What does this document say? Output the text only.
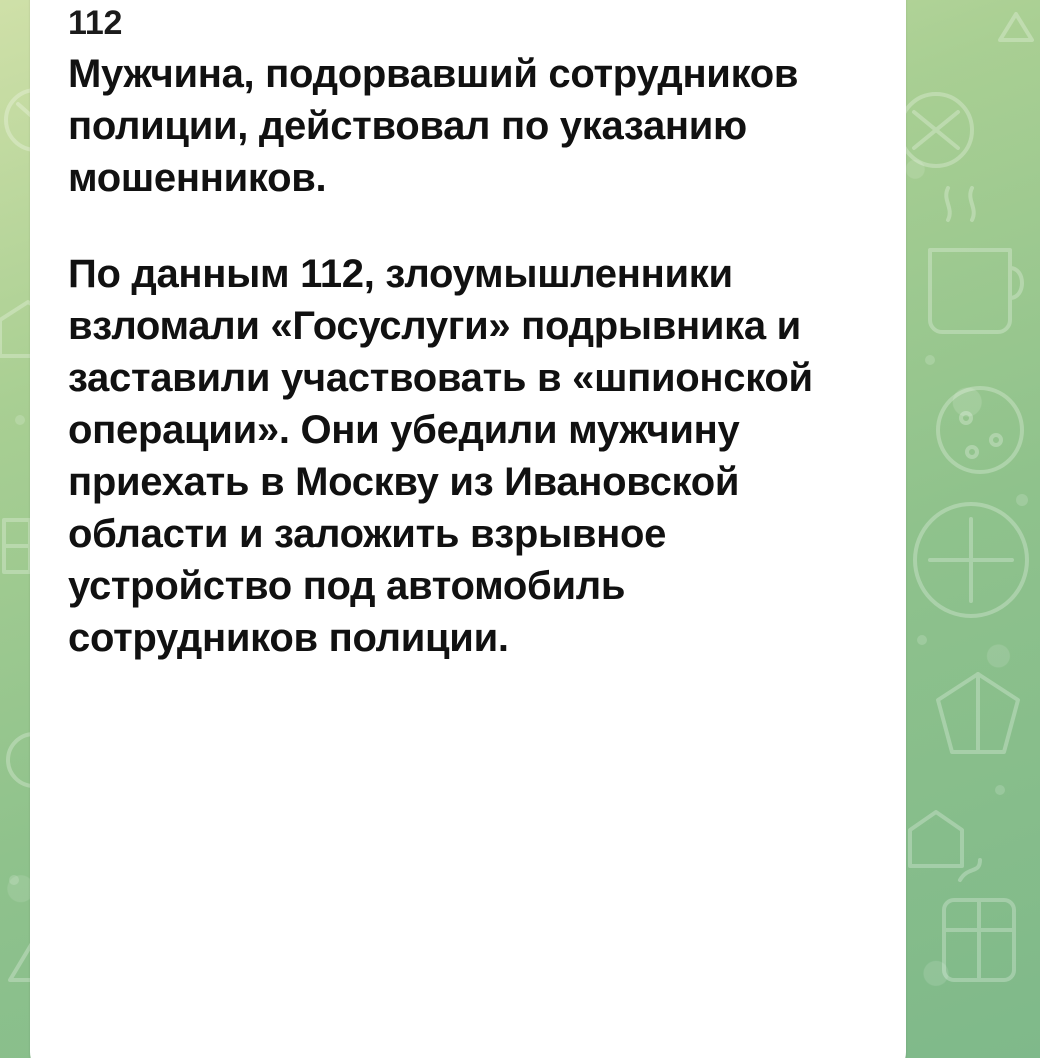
112

Мужчина, подорвавший сотрудников полиции, действовал по указанию мошенников.

По данным 112, злоумышленники взломали «Госуслуги» подрывника и заставили участвовать в «шпионской операции». Они убедили мужчину приехать в Москву из Ивановской области и заложить взрывное устройство под автомобиль сотрудников полиции.
